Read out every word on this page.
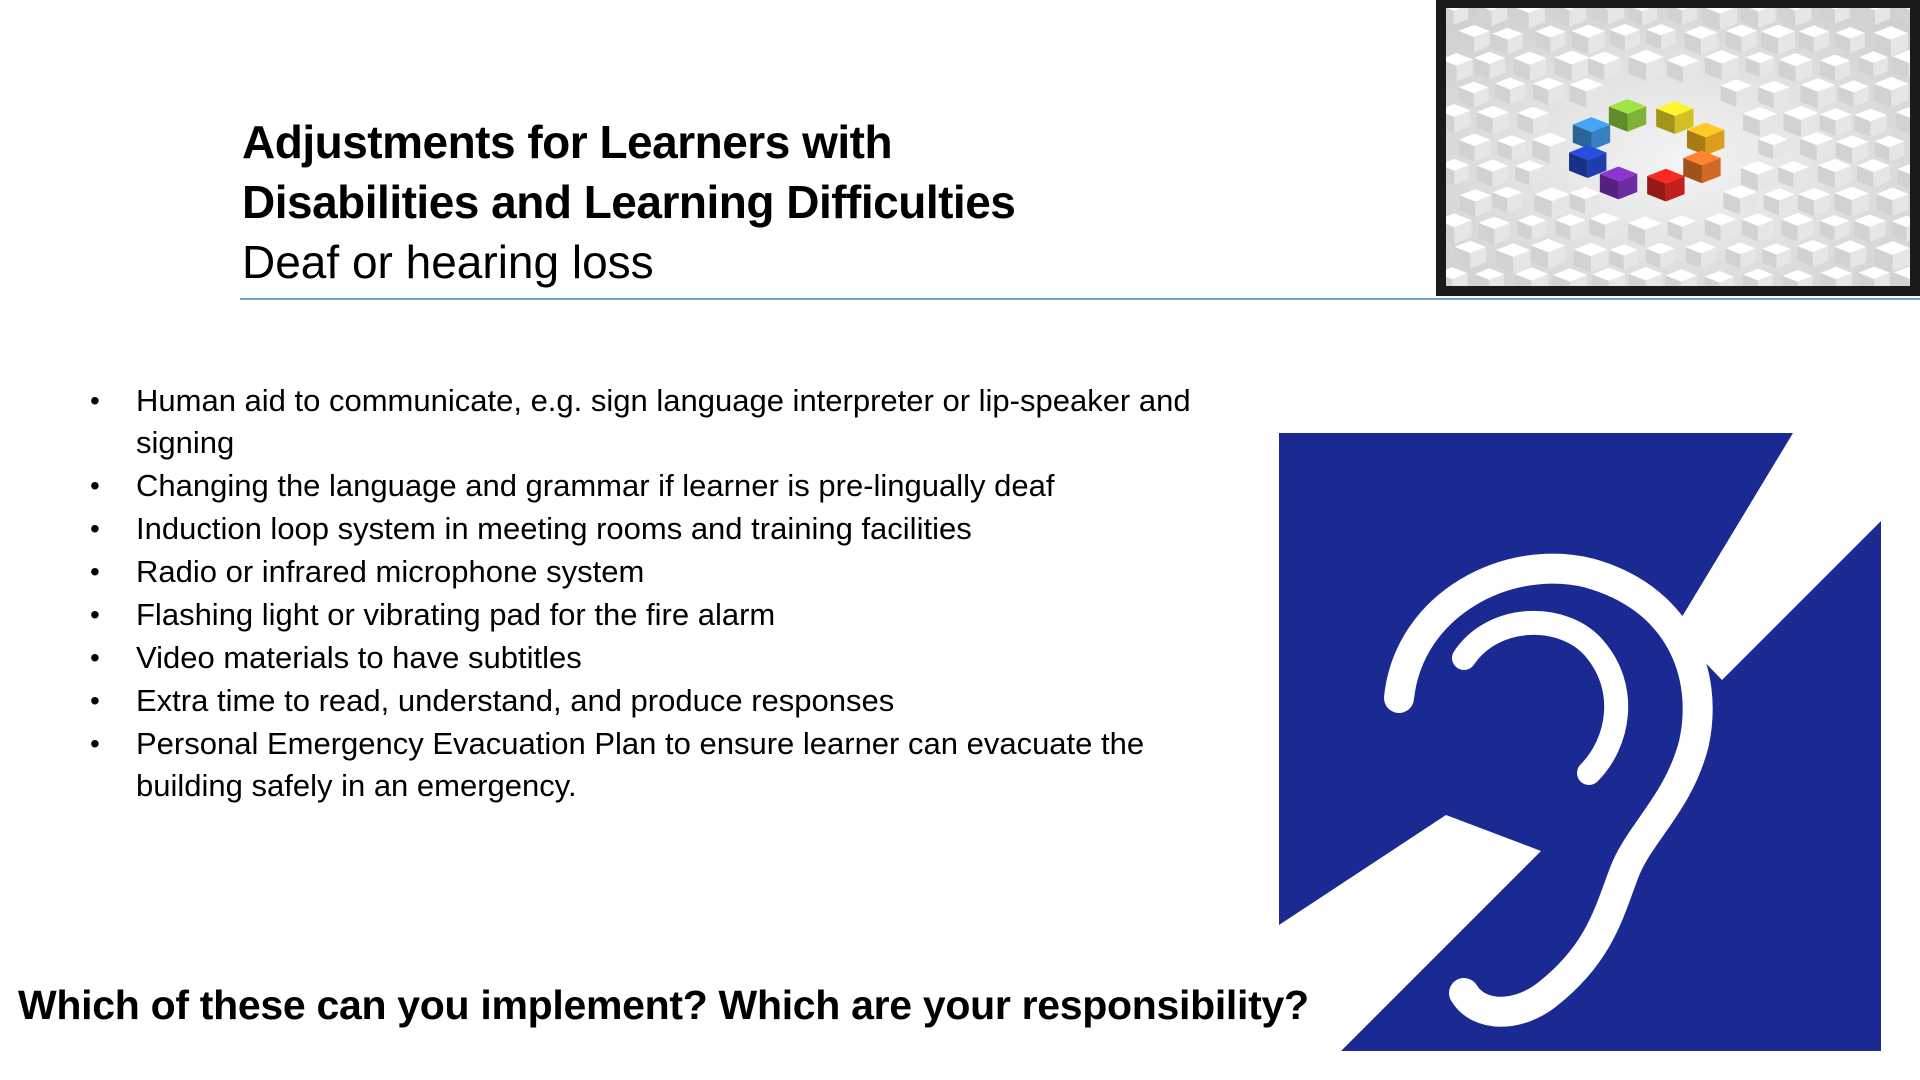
Adjustments for Learners with
Disabilities and Learning Difficulties
Deaf or hearing loss
• Human aid to communicate, e.g. sign language interpreter or lip-speaker and
signing
• Changing the language and grammar if learner is pre-lingually deaf
• Induction loop system in meeting rooms and training facilities
• Radio or infrared microphone system
• Flashing light or vibrating pad for the fire alarm
• Video materials to have subtitles
• Extra time to read, understand, and produce responses
• Personal Emergency Evacuation Plan to ensure learner can evacuate the
building safely in an emergency.

Which of these can you implement? Which are your responsibility?
